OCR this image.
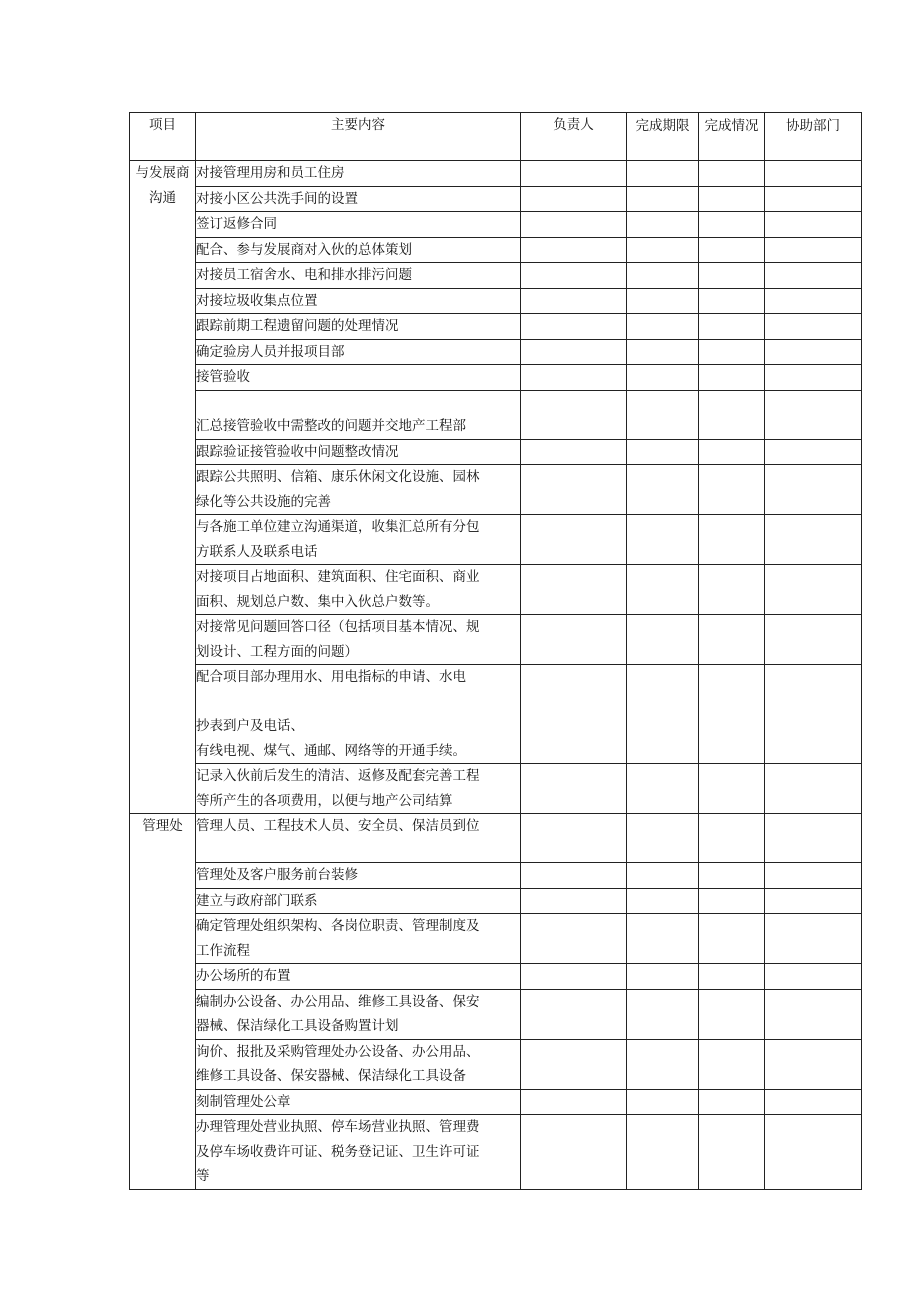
项目	主要内容	负责人	完成期限	完成情况	协助部门
与发展商 沟通	对接管理用房和员工住房				
	对接小区公共洗手间的设置				
	签订返修合同				
	配合、参与发展商对入伙的总体策划				
	对接员工宿舍水、电和排水排污问题				
	对接垃圾收集点位置				
	跟踪前期工程遗留问题的处理情况				
	确定验房人员并报项目部				
	接管验收				
	汇总接管验收中需整改的问题并交地产工程部				
	跟踪验证接管验收中问题整改情况				
	跟踪公共照明、信箱、康乐休闲文化设施、园林
绿化等公共设施的完善				
	与各施工单位建立沟通渠道，收集汇总所有分包
方联系人及联系电话				
	对接项目占地面积、建筑面积、住宅面积、商业
面积、规划总户数、集中入伙总户数等。				
	对接常见问题回答口径（包括项目基本情况、规
划设计、工程方面的问题）				
	配合项目部办理用水、用电指标的申请、水电

抄表到户及电话、
有线电视、煤气、通邮、网络等的开通手续。				
	记录入伙前后发生的清洁、返修及配套完善工程
等所产生的各项费用，以便与地产公司结算				
管理处	管理人员、工程技术人员、安全员、保洁员到位				
	管理处及客户服务前台装修				
	建立与政府部门联系				
	确定管理处组织架构、各岗位职责、管理制度及
工作流程				
	办公场所的布置				
	编制办公设备、办公用品、维修工具设备、保安
器械、保洁绿化工具设备购置计划				
	询价、报批及采购管理处办公设备、办公用品、
维修工具设备、保安器械、保洁绿化工具设备				
	刻制管理处公章				
	办理管理处营业执照、停车场营业执照、管理费
及停车场收费许可证、税务登记证、卫生许可证
等				
